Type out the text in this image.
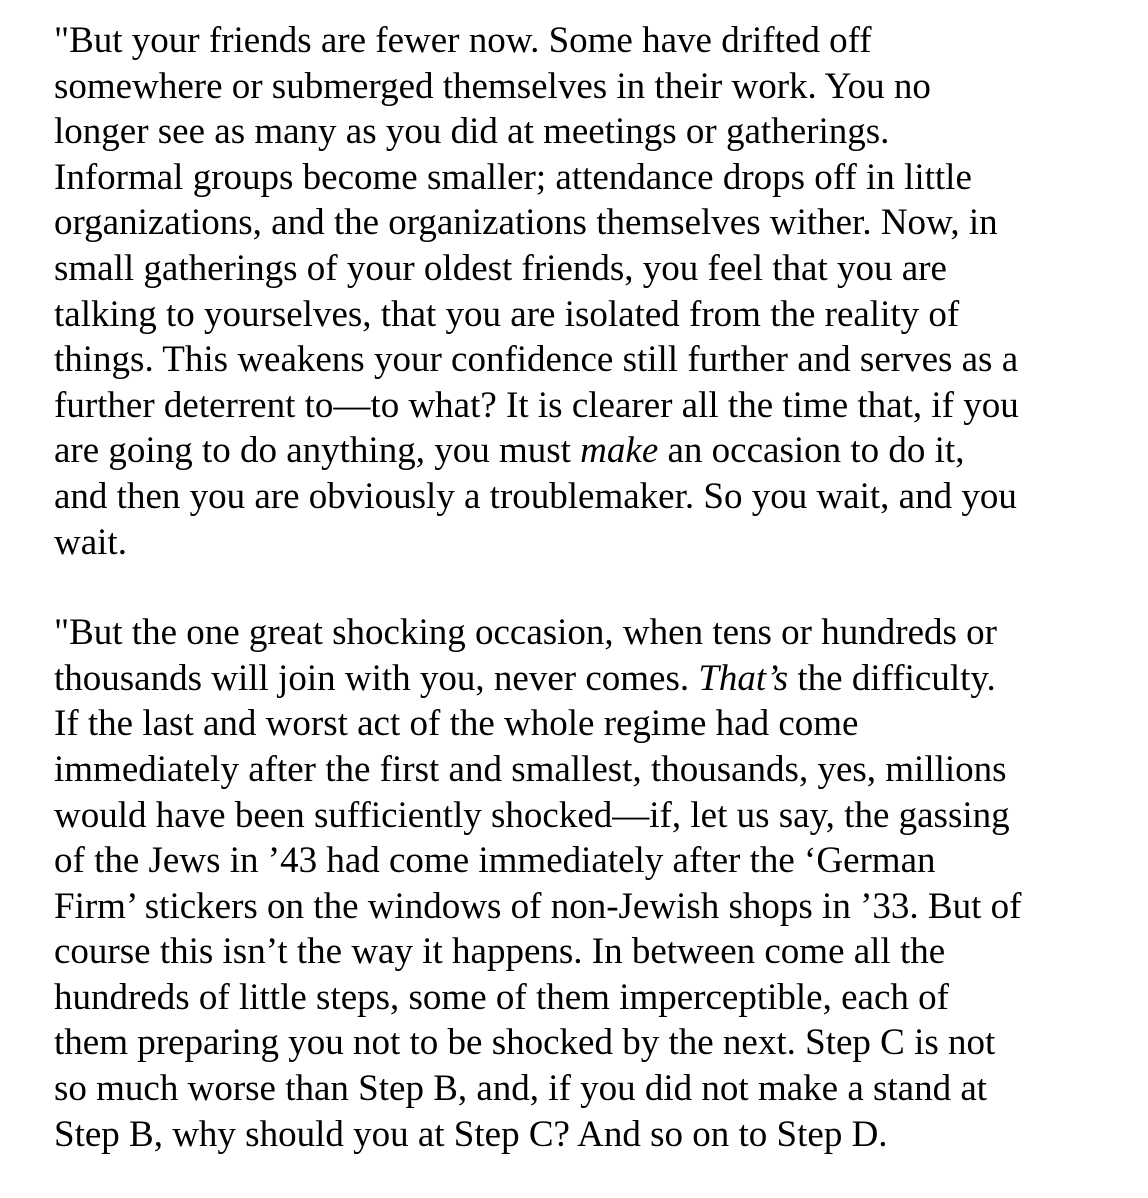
"But your friends are fewer now. Some have drifted off
somewhere or submerged themselves in their work. You no
longer see as many as you did at meetings or gatherings.
Informal groups become smaller; attendance drops off in little
organizations, and the organizations themselves wither. Now, in
small gatherings of your oldest friends, you feel that you are
talking to yourselves, that you are isolated from the reality of
things. This weakens your confidence still further and serves as a
further deterrent to—to what? It is clearer all the time that, if you
are going to do anything, you must make an occasion to do it,
and then you are obviously a troublemaker. So you wait, and you
wait.

"But the one great shocking occasion, when tens or hundreds or
thousands will join with you, never comes. That’s the difficulty.
If the last and worst act of the whole regime had come
immediately after the first and smallest, thousands, yes, millions
would have been sufficiently shocked—if, let us say, the gassing
of the Jews in ’43 had come immediately after the ‘German
Firm’ stickers on the windows of non-Jewish shops in ’33. But of
course this isn’t the way it happens. In between come all the
hundreds of little steps, some of them imperceptible, each of
them preparing you not to be shocked by the next. Step C is not
so much worse than Step B, and, if you did not make a stand at
Step B, why should you at Step C? And so on to Step D.
